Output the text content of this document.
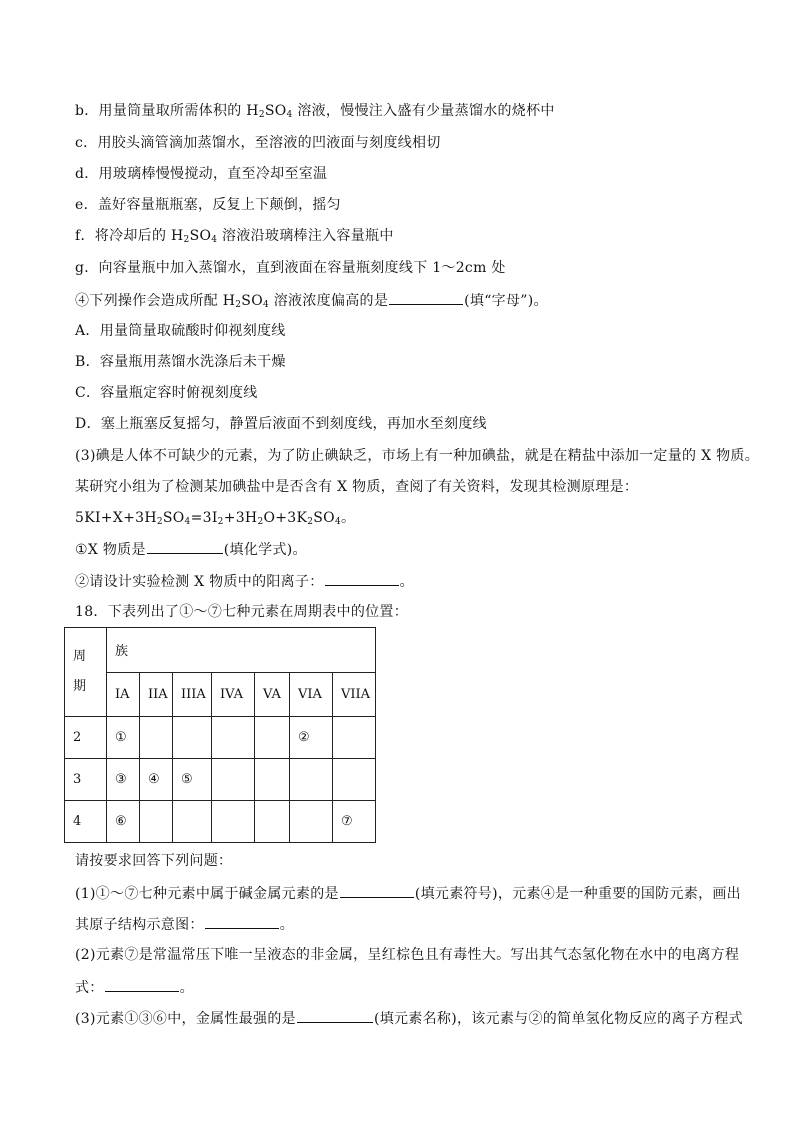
b．用量筒量取所需体积的 $H_2SO_4$ 溶液，慢慢注入盛有少量蒸馏水的烧杯中
c．用胶头滴管滴加蒸馏水，至溶液的凹液面与刻度线相切
d．用玻璃棒慢慢搅动，直至冷却至室温
e．盖好容量瓶瓶塞，反复上下颠倒，摇匀
f．将冷却后的 $H_2SO_4$ 溶液沿玻璃棒注入容量瓶中
g．向容量瓶中加入蒸馏水，直到液面在容量瓶刻度线下 1～2cm 处
④下列操作会造成所配 $H_2SO_4$ 溶液浓度偏高的是	(填“字母”)。
A．用量筒量取硫酸时仰视刻度线
B．容量瓶用蒸馏水洗涤后未干燥
C．容量瓶定容时俯视刻度线
D．塞上瓶塞反复摇匀，静置后液面不到刻度线，再加水至刻度线
(3)碘是人体不可缺少的元素，为了防止碘缺乏，市场上有一种加碘盐，就是在精盐中添加一定量的 X 物质。
某研究小组为了检测某加碘盐中是否含有 X 物质，查阅了有关资料，发现其检测原理是：
$5KI+X+3H_2SO_4=3I_2+3H_2O+3K_2SO_4$。
①X 物质是	(填化学式)。
②请设计实验检测 X 物质中的阳离子：	。
18．下表列出了①～⑦七种元素在周期表中的位置：
周
期	族						
	IA	IIA	IIIA	IVA	VA	VIA	VIIA
2	①					②	
3	③	④	⑤				
4	⑥						⑦
请按要求回答下列问题：
(1)①～⑦七种元素中属于碱金属元素的是	(填元素符号)，元素④是一种重要的国防元素，画出
其原子结构示意图：	。
(2)元素⑦是常温常压下唯一呈液态的非金属，呈红棕色且有毒性大。写出其气态氢化物在水中的电离方程
式：	。
(3)元素①③⑥中，金属性最强的是	(填元素名称)，该元素与②的简单氢化物反应的离子方程式
